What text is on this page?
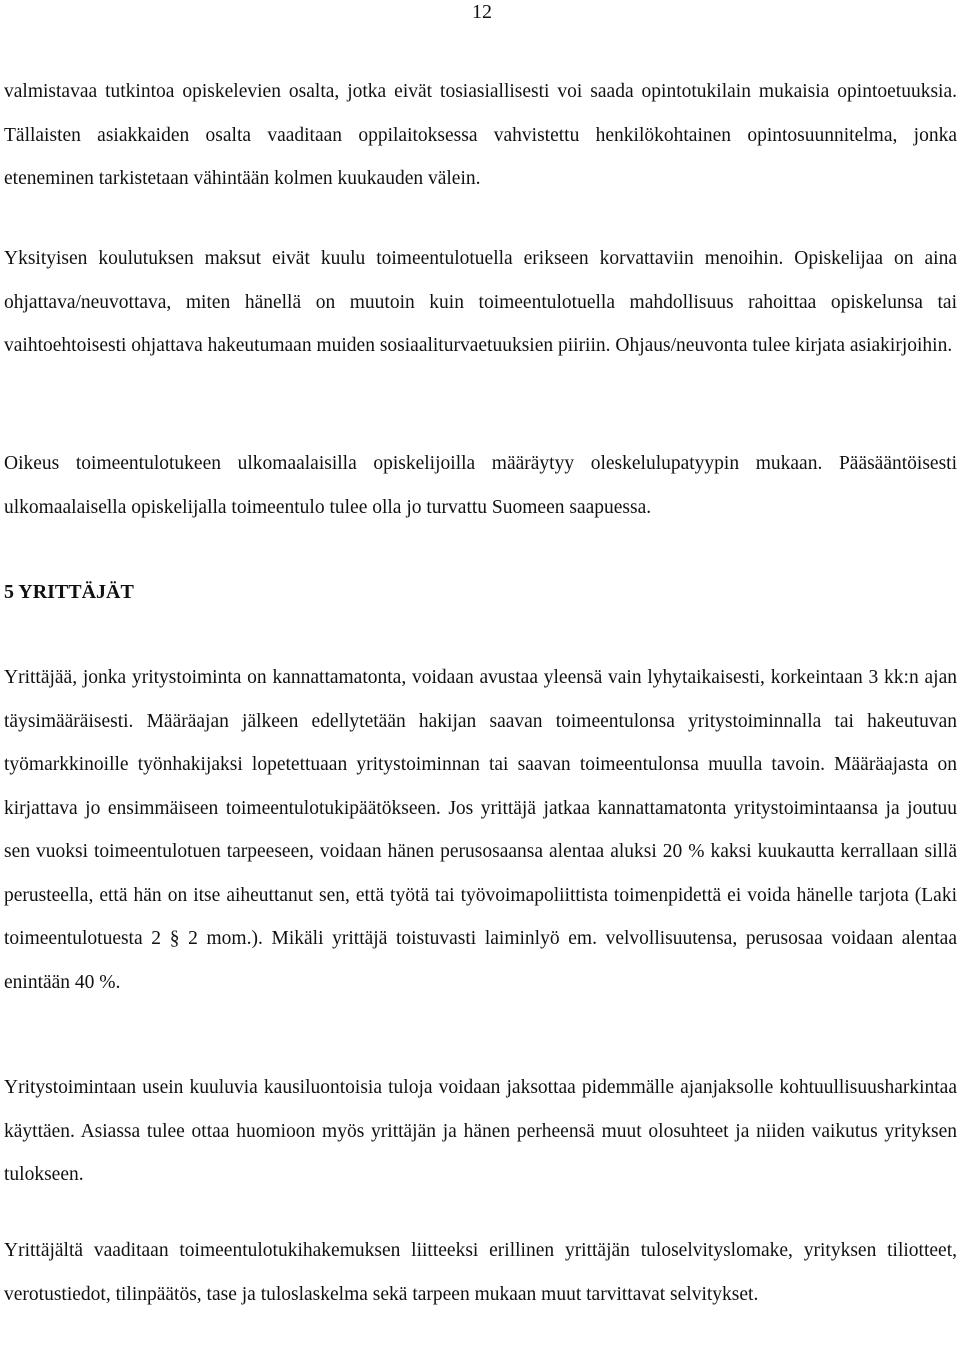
12

valmistavaa tutkintoa opiskelevien osalta, jotka eivät tosiasiallisesti voi saada opintotukilain mukaisia opintoetuuksia. Tällaisten asiakkaiden osalta vaaditaan oppilaitoksessa vahvistettu henkilökohtainen opintosuunnitelma, jonka eteneminen tarkistetaan vähintään kolmen kuukauden välein.

Yksityisen koulutuksen maksut eivät kuulu toimeentulotuella erikseen korvattaviin menoihin. Opiskelijaa on aina ohjattava/neuvottava, miten hänellä on muutoin kuin toimeentulotuella mahdollisuus rahoittaa opiskelunsa tai vaihtoehtoisesti ohjattava hakeutumaan muiden sosiaaliturvaetuuksien piiriin. Ohjaus/neuvonta tulee kirjata asiakirjoihin.

Oikeus toimeentulotukeen ulkomaalaisilla opiskelijoilla määräytyy oleskelulupatyypin mukaan. Pääsääntöisesti ulkomaalaisella opiskelijalla toimeentulo tulee olla jo turvattu Suomeen saapuessa.

5 YRITTÄJÄT

Yrittäjää, jonka yritystoiminta on kannattamatonta, voidaan avustaa yleensä vain lyhytaikaisesti, korkeintaan 3 kk:n ajan täysimääräisesti. Määräajan jälkeen edellytetään hakijan saavan toimeentulonsa yritystoiminnalla tai hakeutuvan työmarkkinoille työnhakijaksi lopetettuaan yritystoiminnan tai saavan toimeentulonsa muulla tavoin. Määräajasta on kirjattava jo ensimmäiseen toimeentulotukipäätökseen. Jos yrittäjä jatkaa kannattamatonta yritystoimintaansa ja joutuu sen vuoksi toimeentulotuen tarpeeseen, voidaan hänen perusosaansa alentaa aluksi 20 % kaksi kuukautta kerrallaan sillä perusteella, että hän on itse aiheuttanut sen, että työtä tai työvoimapoliittista toimenpidettä ei voida hänelle tarjota (Laki toimeentulotuesta 2 § 2 mom.). Mikäli yrittäjä toistuvasti laiminlyö em. velvollisuutensa, perusosaa voidaan alentaa enintään 40 %.

Yritystoimintaan usein kuuluvia kausiluontoisia tuloja voidaan jaksottaa pidemmälle ajanjaksolle kohtuullisuusharkintaa käyttäen. Asiassa tulee ottaa huomioon myös yrittäjän ja hänen perheensä muut olosuhteet ja niiden vaikutus yrityksen tulokseen.

Yrittäjältä vaaditaan toimeentulotukihakemuksen liitteeksi erillinen yrittäjän tuloselvityslomake, yrityksen tiliotteet, verotustiedot, tilinpäätös, tase ja tuloslaskelma sekä tarpeen mukaan muut tarvittavat selvitykset.
